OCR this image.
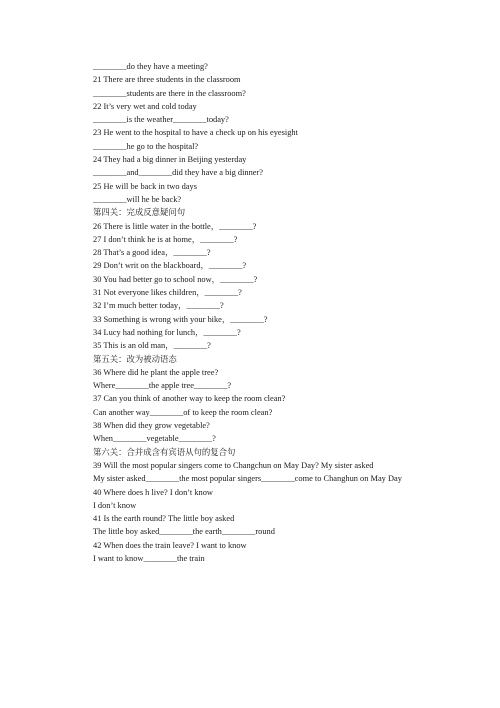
________do they have a meeting?
21 There are three students in the classroom
________students are there in the classroom?
22 It’s very wet and cold today
________is the weather________today?
23 He went to the hospital to have a check up on his eyesight
________he go to the hospital?
24 They had a big dinner in Beijing yesterday
________and________did they have a big dinner?
25 He will be back in two days
________will he be back?
第四关：完成反意疑问句
26 There is little water in the bottle，________?
27 I don’t think he is at home，________?
28 That’s a good idea，________?
29 Don’t writ on the blackboard，________?
30 You had better go to school now，________?
31 Not everyone likes children，________?
32 I’m much better today，________?
33 Something is wrong with your bike，________?
34 Lucy had nothing for lunch，________?
35 This is an old man，________?
第五关：改为被动语态
36 Where did he plant the apple tree?
Where________the apple tree________?
37 Can you think of another way to keep the room clean?
Can another way________of to keep the room clean?
38 When did they grow vegetable?
When________vegetable________?
第六关：合并成含有宾语从句的复合句
39 Will the most popular singers come to Changchun on May Day? My sister asked
My sister asked________the most popular singers________come to Changhun on May Day
40 Where does h live? I don’t know
I don’t know
41 Is the earth round? The little boy asked
The little boy asked________the earth________round
42 When does the train leave? I want to know
I want to know________the train
